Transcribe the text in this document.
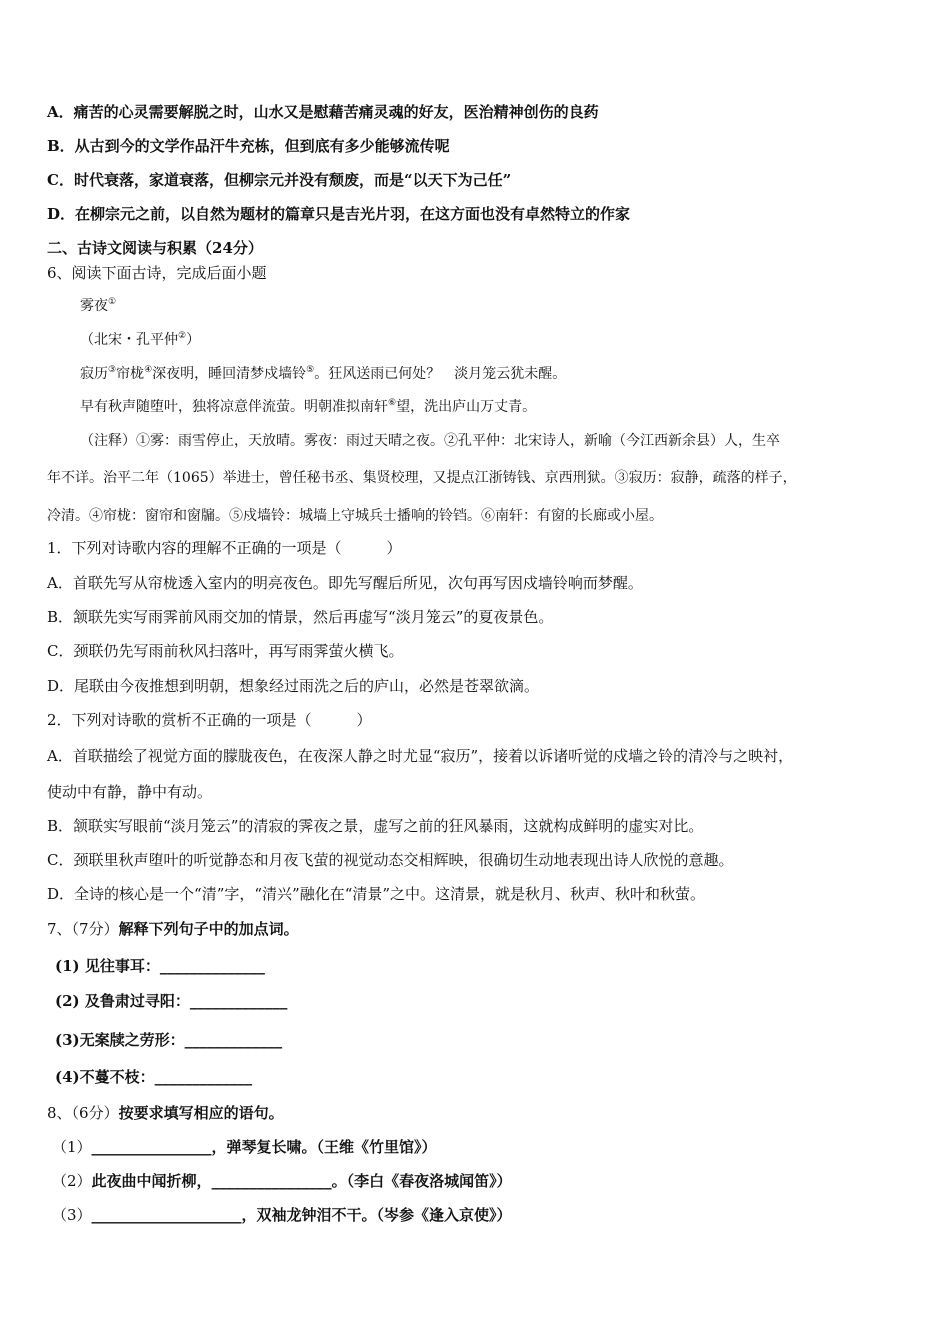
A．痛苦的心灵需要解脱之时，山水又是慰藉苦痛灵魂的好友，医治精神创伤的良药
B．从古到今的文学作品汗牛充栋，但到底有多少能够流传呢
C．时代衰落，家道衰落，但柳宗元并没有颓废，而是“以天下为己任”
D．在柳宗元之前，以自然为题材的篇章只是吉光片羽，在这方面也没有卓然特立的作家
二、古诗文阅读与积累（24分）
6、阅读下面古诗，完成后面小题
雾夜①
（北宋・孔平仲②）
寂历③帘栊④深夜明，睡回清梦戍墙铃⑤。狂风送雨已何处？　淡月笼云犹未醒。
早有秋声随堕叶，独将凉意伴流萤。明朝准拟南轩⑥望，洗出庐山万丈青。
（注释）①雾：雨雪停止，天放晴。雾夜：雨过天晴之夜。②孔平仲：北宋诗人，新喻（今江西新余县）人，生卒
年不详。治平二年（1065）举进士，曾任秘书丞、集贤校理，又提点江浙铸钱、京西刑狱。③寂历：寂静，疏落的样子，
冷清。④帘栊：窗帘和窗牖。⑤戍墙铃：城墙上守城兵士播响的铃铛。⑥南轩：有窗的长廊或小屋。
1．下列对诗歌内容的理解不正确的一项是（　　　）
A．首联先写从帘栊透入室内的明亮夜色。即先写醒后所见，次句再写因戍墙铃响而梦醒。
B．颔联先实写雨霁前风雨交加的情景，然后再虚写“淡月笼云”的夏夜景色。
C．颈联仍先写雨前秋风扫落叶，再写雨霁萤火横飞。
D．尾联由今夜推想到明朝，想象经过雨洗之后的庐山，必然是苍翠欲滴。
2．下列对诗歌的赏析不正确的一项是（　　　）
A．首联描绘了视觉方面的朦胧夜色，在夜深人静之时尤显“寂历”，接着以诉诸听觉的戍墙之铃的清冷与之映衬，
使动中有静，静中有动。
B．颔联实写眼前“淡月笼云”的清寂的霁夜之景，虚写之前的狂风暴雨，这就构成鲜明的虚实对比。
C．颈联里秋声堕叶的听觉静态和月夜飞萤的视觉动态交相辉映，很确切生动地表现出诗人欣悦的意趣。
D．全诗的核心是一个“清”字，“清兴”融化在“清景”之中。这清景，就是秋月、秋声、秋叶和秋萤。
7、（7分）解释下列句子中的加点词。
(1) 见往事耳：______________
(2) 及鲁肃过寻阳：_____________
(3)无案牍之劳形：_____________
(4)不蔓不枝：_____________
8、（6分）按要求填写相应的语句。
（1）________________，弹琴复长啸。（王维《竹里馆》）
（2）此夜曲中闻折柳，________________。（李白《春夜洛城闻笛》）
（3）____________________，双袖龙钟泪不干。（岑参《逢入京使》）
